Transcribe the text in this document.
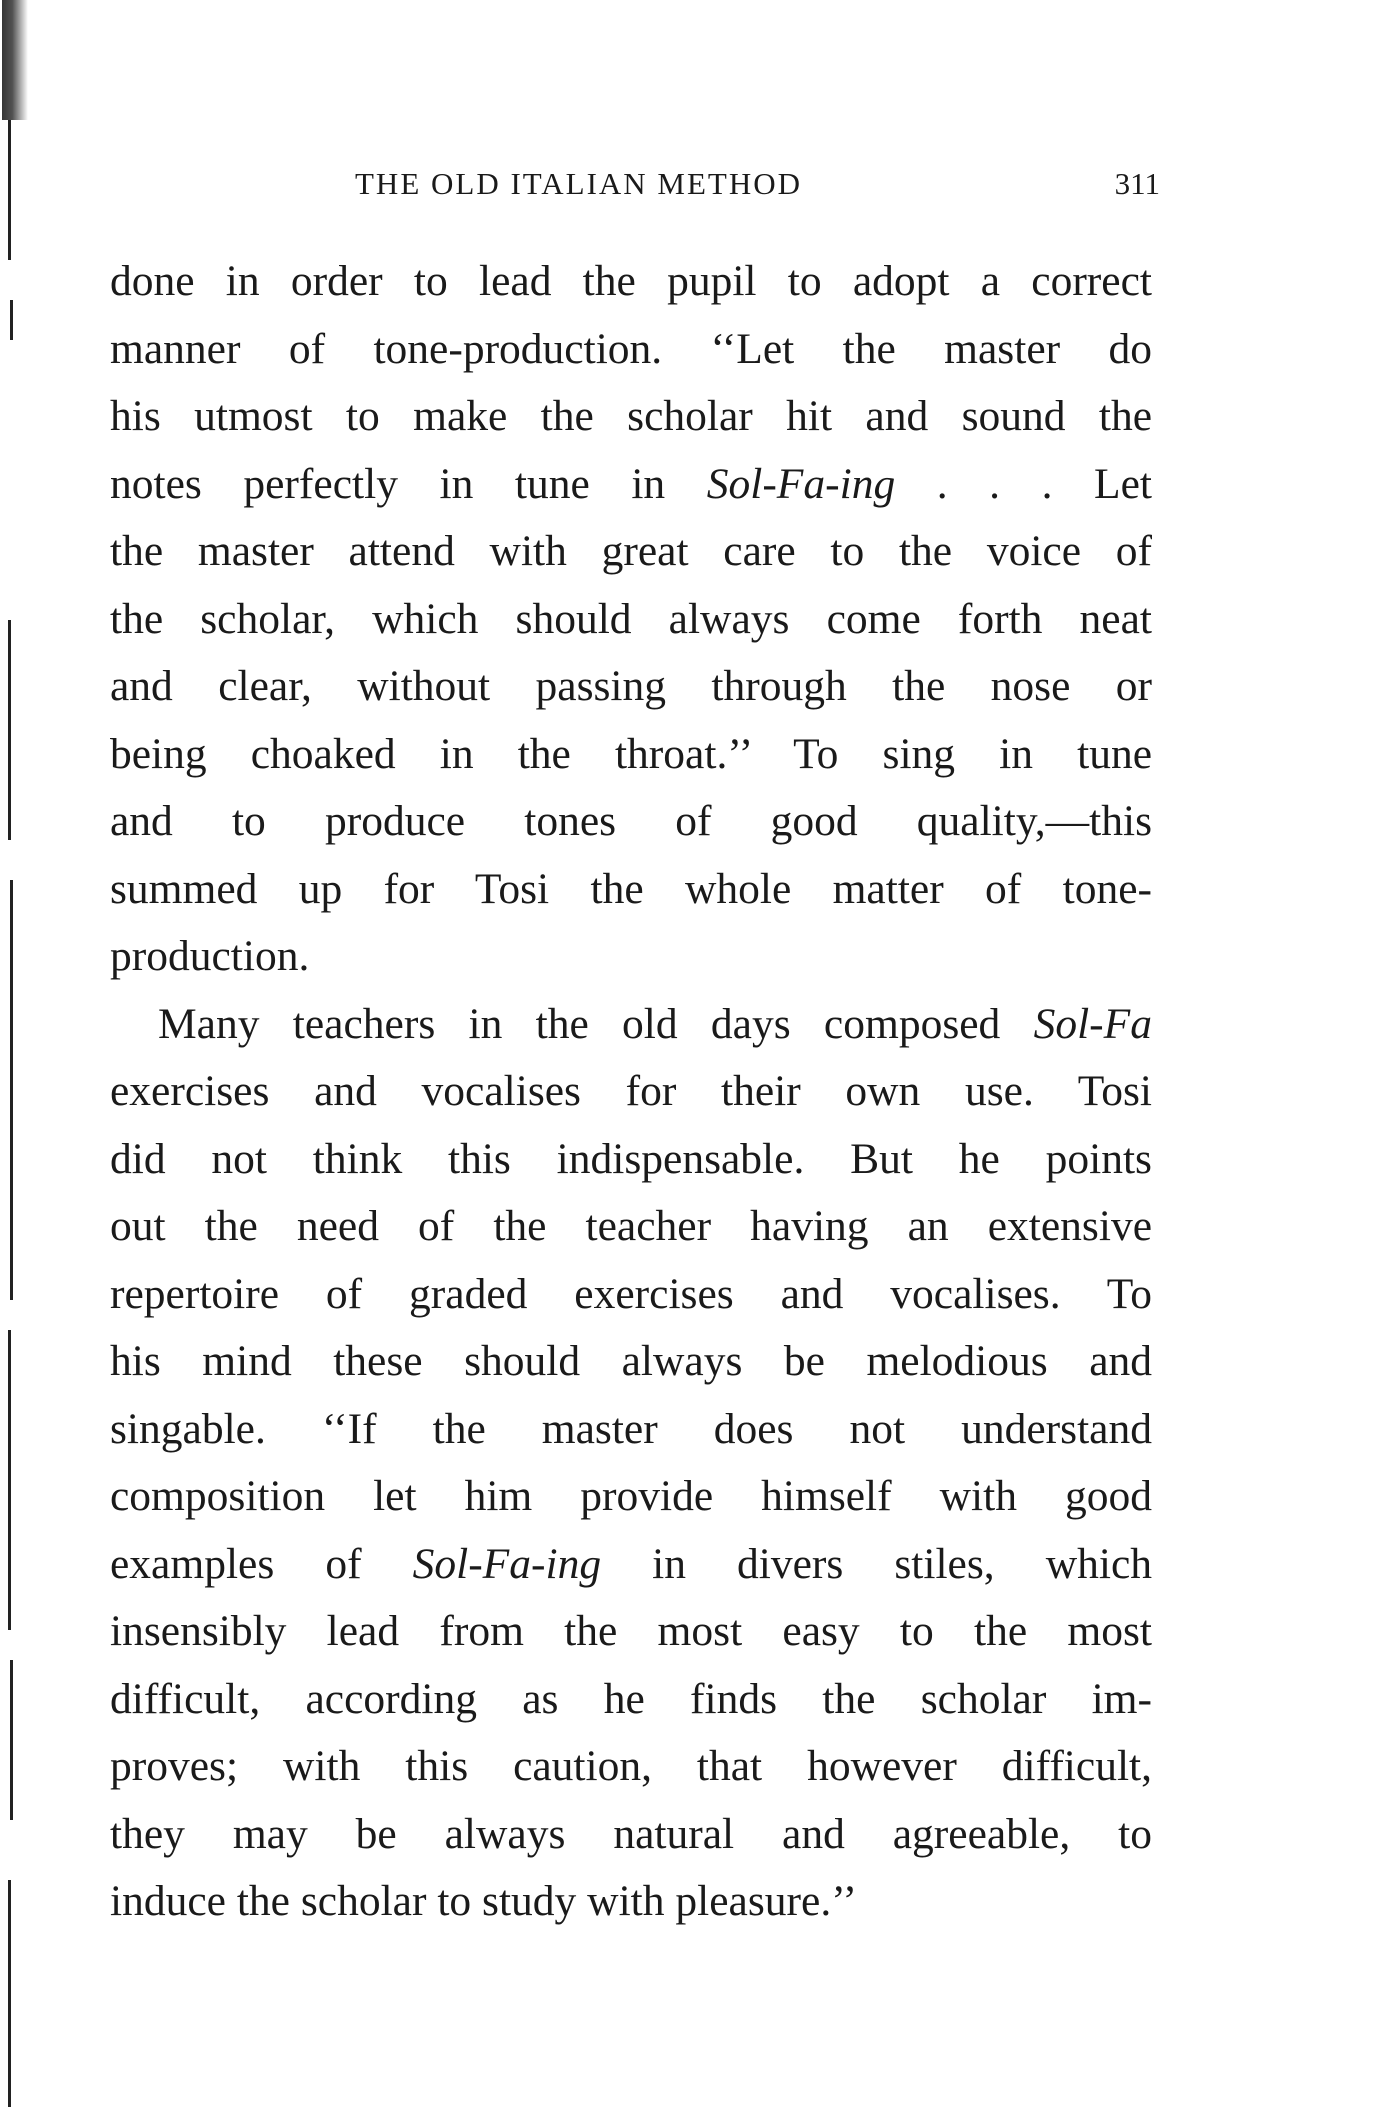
THE OLD ITALIAN METHOD	311
done in order to lead the pupil to adopt a correct
manner of tone-production. ‘‘Let the master do
his utmost to make the scholar hit and sound the
notes perfectly in tune in Sol-Fa-ing . . . Let
the master attend with great care to the voice of
the scholar, which should always come forth neat
and clear, without passing through the nose or
being choaked in the throat.’’ To sing in tune
and to produce tones of good quality,—this
summed up for Tosi the whole matter of tone-
production.
Many teachers in the old days composed Sol-Fa
exercises and vocalises for their own use. Tosi
did not think this indispensable. But he points
out the need of the teacher having an extensive
repertoire of graded exercises and vocalises. To
his mind these should always be melodious and
singable. ‘‘If the master does not understand
composition let him provide himself with good
examples of Sol-Fa-ing in divers stiles, which
insensibly lead from the most easy to the most
difficult, according as he finds the scholar im-
proves; with this caution, that however difficult,
they may be always natural and agreeable, to
induce the scholar to study with pleasure.’’
